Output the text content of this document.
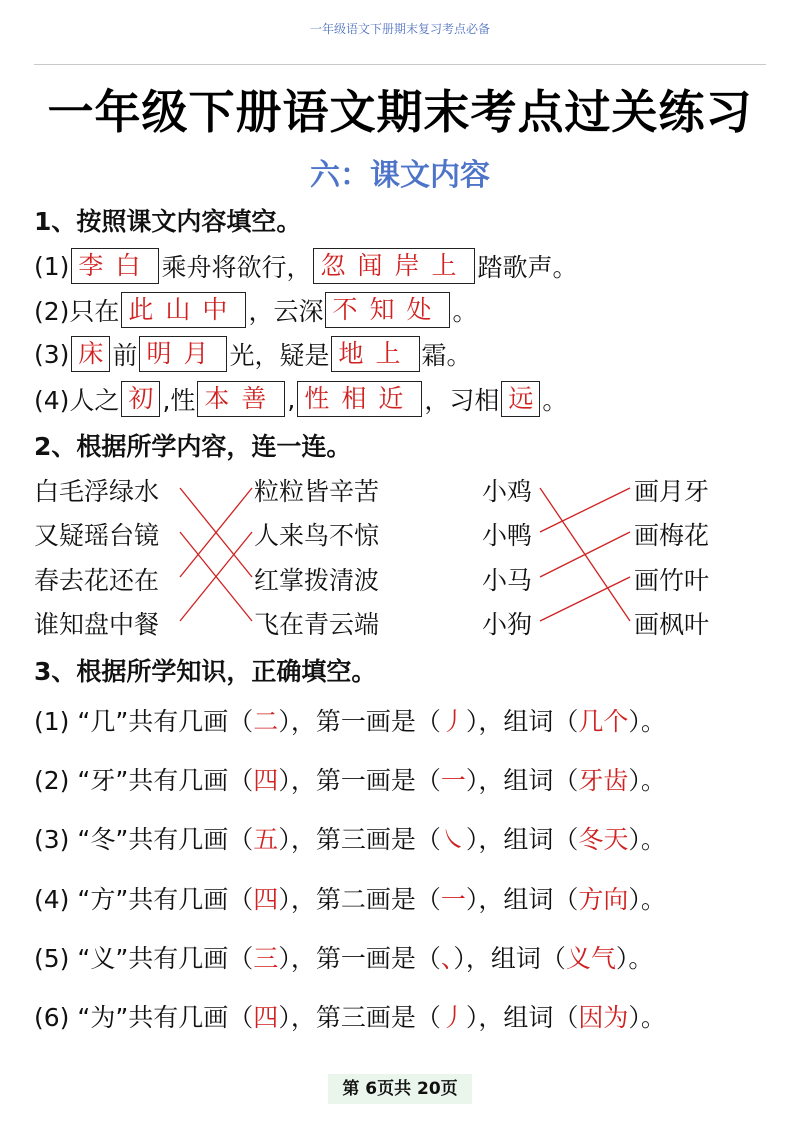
一年级语文下册期末复习考点必备
一年级下册语文期末考点过关练习
六：课文内容
1、按照课文内容填空。
(1) 李白 乘舟将欲行， 忽闻岸上 踏歌声。
(2)只在 此山中 ，云深 不知处 。
(3) 床 前 明月 光，疑是 地上 霜。
(4)人之 初 ,性 本善 , 性相近 ，习相 远 。
2、根据所学内容，连一连。
白毛浮绿水
又疑瑶台镜
春去花还在
谁知盘中餐
粒粒皆辛苦
人来鸟不惊
红掌拨清波
飞在青云端
小鸡
小鸭
小马
小狗
画月牙
画梅花
画竹叶
画枫叶
3、根据所学知识，正确填空。
(1) “几”共有几画（二），第一画是（丿），组词（几个）。
(2) “牙”共有几画（四），第一画是（一），组词（牙齿）。
(3) “冬”共有几画（五），第三画是（㇏），组词（冬天）。
(4) “方”共有几画（四），第二画是（一），组词（方向）。
(5) “义”共有几画（三），第一画是（、），组词（义气）。
(6) “为”共有几画（四），第三画是（丿），组词（因为）。
第 6页共 20页
